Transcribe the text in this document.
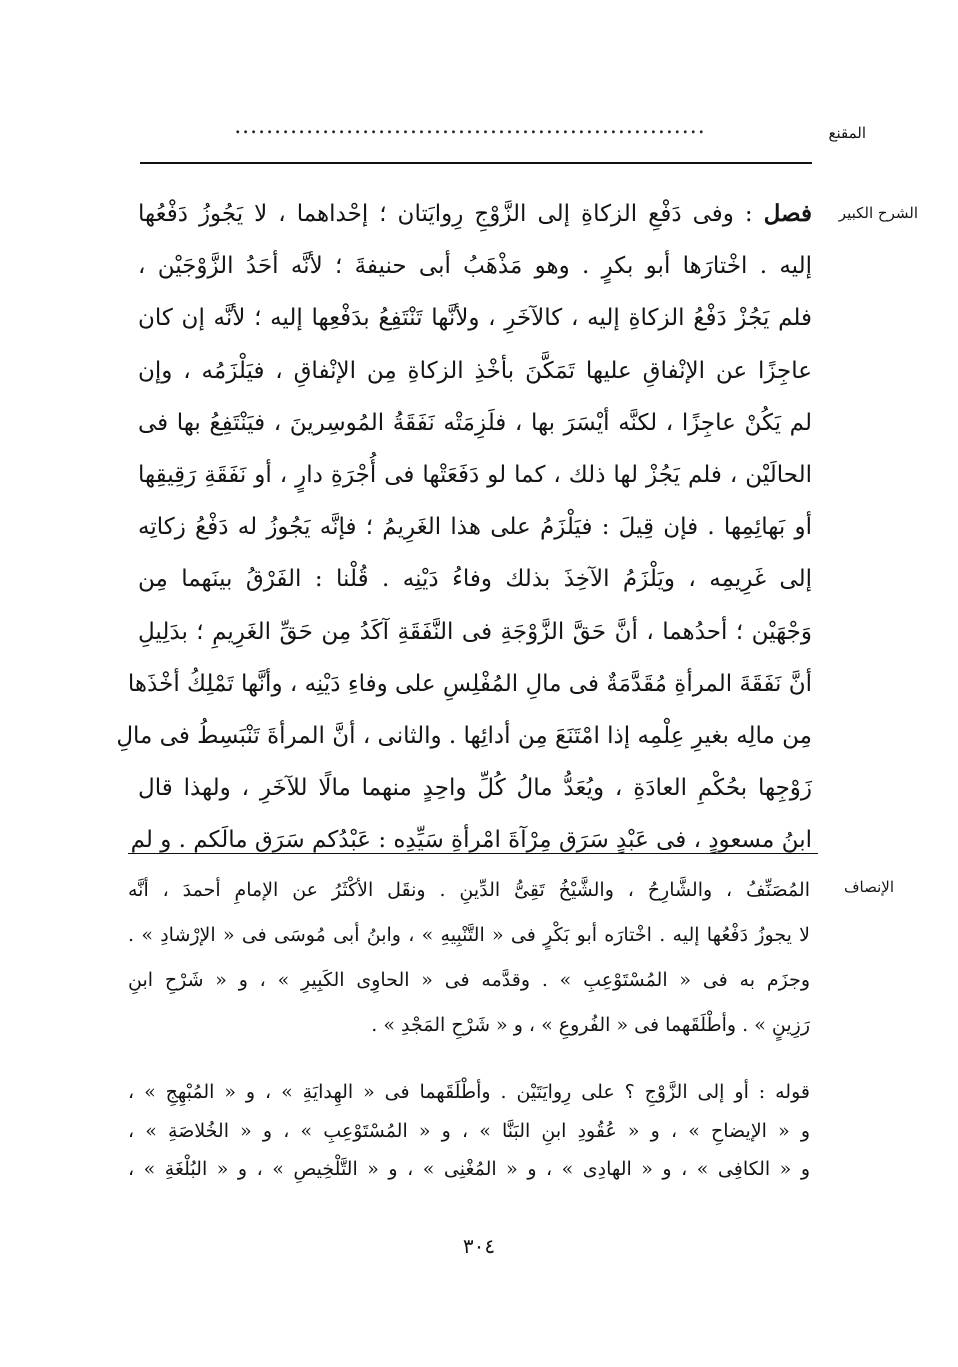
المقنع
...........................................................
الشرح الكبير
فصل : وفى دَفْعِ الزكاةِ إلى الزَّوْجِ رِوايَتان ؛ إحْداهما ، لا يَجُوزُ دَفْعُها
إليه . اخْتارَها أبو بكرٍ . وهو مَذْهَبُ أبى حنيفةَ ؛ لأنَّه أحَدُ الزَّوْجَيْن ،
فلم يَجُزْ دَفْعُ الزكاةِ إليه ، كالآخَرِ ، ولأنَّها تَنْتَفِعُ بدَفْعِها إليه ؛ لأنَّه إن كان
عاجِزًا عن الإنْفاقِ عليها تَمَكَّنَ بأخْذِ الزكاةِ مِن الإنْفاقِ ، فيَلْزَمُه ، وإن
لم يَكُنْ عاجِزًا ، لكنَّه أيْسَرَ بها ، فلَزِمَتْه نَفَقَةُ المُوسِرينَ ، فيَنْتَفِعُ بها فى
الحالَيْن ، فلم يَجُزْ لها ذلك ، كما لو دَفَعَتْها فى أُجْرَةِ دارٍ ، أو نَفَقَةِ رَقِيقِها
أو بَهائِمِها . فإن قِيلَ : فيَلْزَمُ على هذا الغَرِيمُ ؛ فإنَّه يَجُوزُ له دَفْعُ زكاتِه
إلى غَرِيمِه ، ويَلْزَمُ الآخِذَ بذلك وفاءُ دَيْنِه . قُلْنا : الفَرْقُ بينَهما مِن
وَجْهَيْن ؛ أحدُهما ، أنَّ حَقَّ الزَّوْجَةِ فى النَّفَقَةِ آكَدُ مِن حَقِّ الغَرِيمِ ؛ بدَلِيلِ
أنَّ نَفَقَةَ المرأةِ مُقَدَّمَةٌ فى مالِ المُفْلِسِ على وفاءِ دَيْنِه ، وأنَّها تَمْلِكُ أخْذَها
مِن مالِه بغيرِ عِلْمِه إذا امْتَنَعَ مِن أدائِها . والثانى ، أنَّ المرأةَ تَنْبَسِطُ فى مالِ
زَوْجِها بحُكْمِ العادَةِ ، ويُعَدُّ مالُ كُلِّ واحِدٍ منهما مالًا للآخَرِ ، ولهذا قال
ابنُ مسعودٍ ، فى عَبْدٍ سَرَق مِرْآةَ امْرأةِ سَيِّدِه : عَبْدُكم سَرَق مالَكم . و لم
الإنصاف
المُصَنِّفُ ، والشَّارِحُ ، والشَّيْخُ تَقِىُّ الدِّينِ . ونقَل الأكْثَرُ عن الإمامِ أحمدَ ، أنَّه
لا يجوزُ دَفْعُها إليه . اخْتارَه أبو بَكْرٍ فى « التَّنْبِيهِ » ، وابنُ أبى مُوسَى فى « الإرْشادِ » .
وجزَم به فى « المُسْتَوْعِبِ » . وقدَّمه فى « الحاوِى الكَبِيرِ » ، و « شَرْحِ ابنِ
رَزِينٍ » . وأطْلَقَهما فى « الفُروعِ » ، و « شَرْحِ المَجْدِ » .
قوله : أو إلى الزَّوْجِ ؟ على رِوايَتَيْن . وأطْلَقَهما فى « الهِدايَةِ » ، و « المُبْهِجِ » ،
و « الإيضاحِ » ، و « عُقُودِ ابنِ البَنَّا » ، و « المُسْتَوْعِبِ » ، و « الخُلاصَةِ » ،
و « الكافِى » ، و « الهادِى » ، و « المُغْنِى » ، و « التَّلْخِيصِ » ، و « البُلْغَةِ » ،
٣٠٤
